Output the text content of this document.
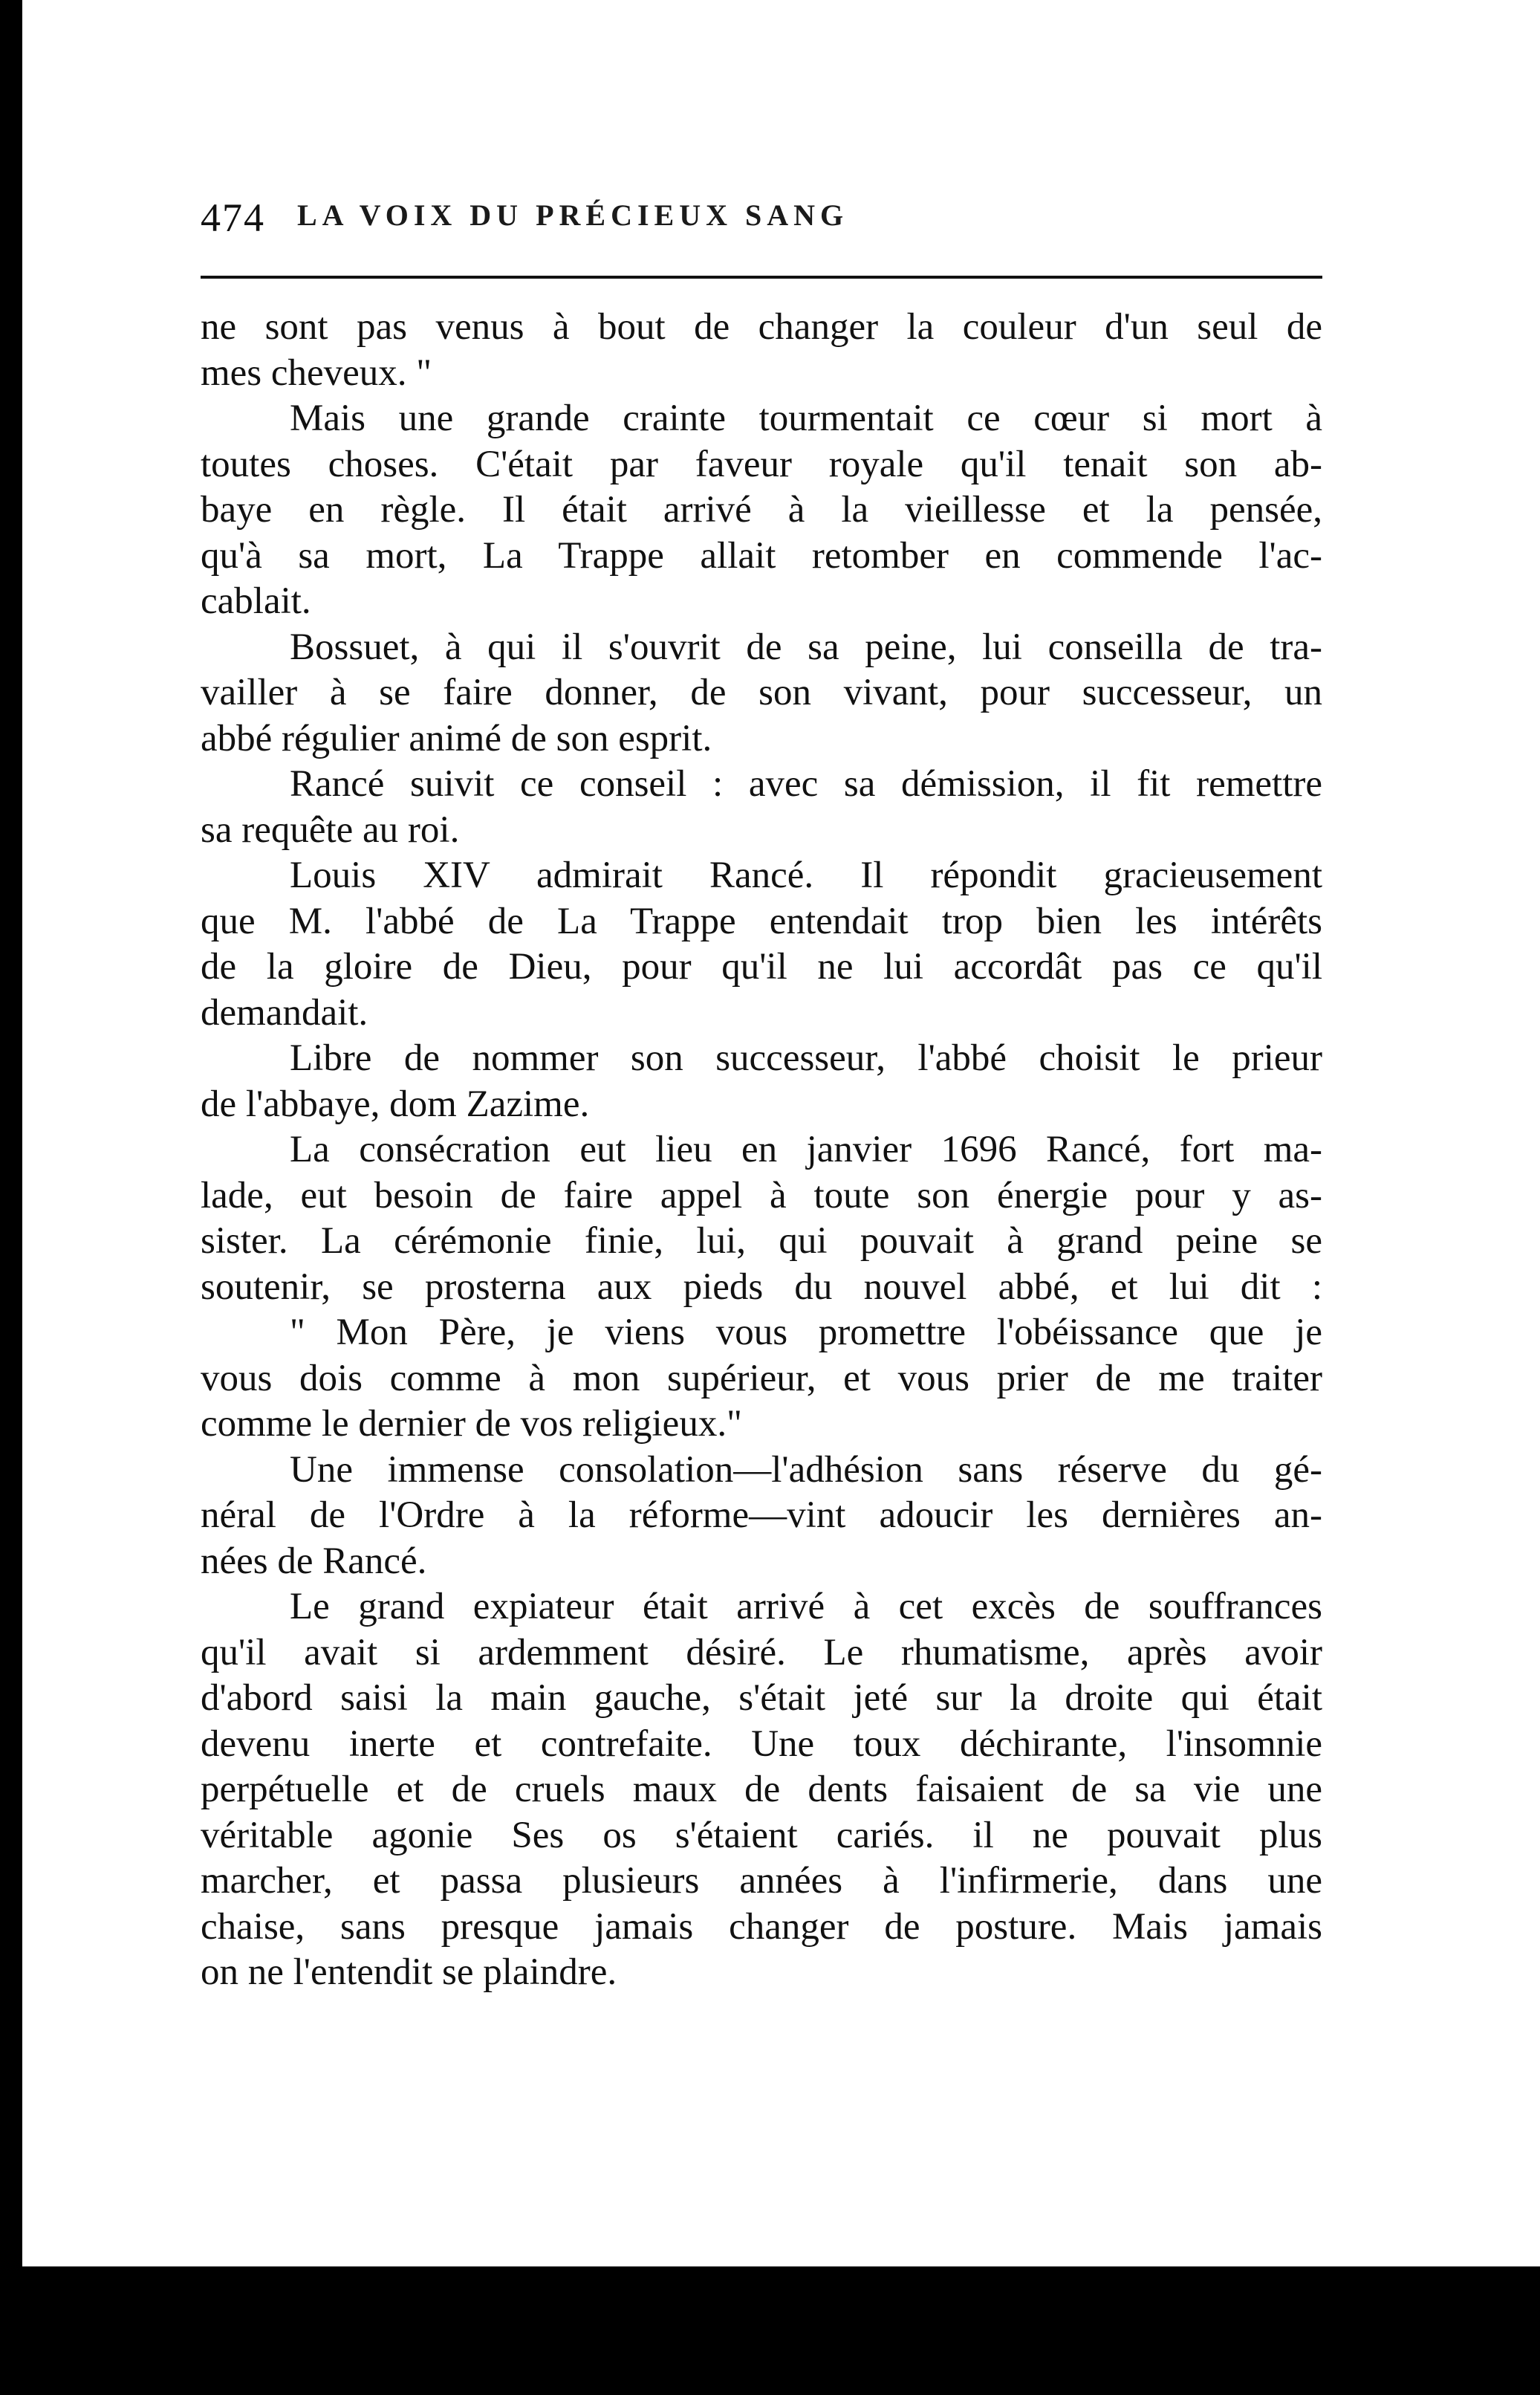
474 LA VOIX DU PRÉCIEUX SANG
ne sont pas venus à bout de changer la couleur d'un seul de
mes cheveux. "
Mais une grande crainte tourmentait ce cœur si mort à
toutes choses. C'était par faveur royale qu'il tenait son ab-
baye en règle. Il était arrivé à la vieillesse et la pensée,
qu'à sa mort, La Trappe allait retomber en commende l'ac-
cablait.
Bossuet, à qui il s'ouvrit de sa peine, lui conseilla de tra-
vailler à se faire donner, de son vivant, pour successeur, un
abbé régulier animé de son esprit.
Rancé suivit ce conseil : avec sa démission, il fit remettre
sa requête au roi.
Louis XIV admirait Rancé. Il répondit gracieusement
que M. l'abbé de La Trappe entendait trop bien les intérêts
de la gloire de Dieu, pour qu'il ne lui accordât pas ce qu'il
demandait.
Libre de nommer son successeur, l'abbé choisit le prieur
de l'abbaye, dom Zazime.
La consécration eut lieu en janvier 1696 Rancé, fort ma-
lade, eut besoin de faire appel à toute son énergie pour y as-
sister. La cérémonie finie, lui, qui pouvait à grand peine se
soutenir, se prosterna aux pieds du nouvel abbé, et lui dit :
" Mon Père, je viens vous promettre l'obéissance que je
vous dois comme à mon supérieur, et vous prier de me traiter
comme le dernier de vos religieux."
Une immense consolation—l'adhésion sans réserve du gé-
néral de l'Ordre à la réforme—vint adoucir les dernières an-
nées de Rancé.
Le grand expiateur était arrivé à cet excès de souffrances
qu'il avait si ardemment désiré. Le rhumatisme, après avoir
d'abord saisi la main gauche, s'était jeté sur la droite qui était
devenu inerte et contrefaite. Une toux déchirante, l'insomnie
perpétuelle et de cruels maux de dents faisaient de sa vie une
véritable agonie Ses os s'étaient cariés. il ne pouvait plus
marcher, et passa plusieurs années à l'infirmerie, dans une
chaise, sans presque jamais changer de posture. Mais jamais
on ne l'entendit se plaindre.
